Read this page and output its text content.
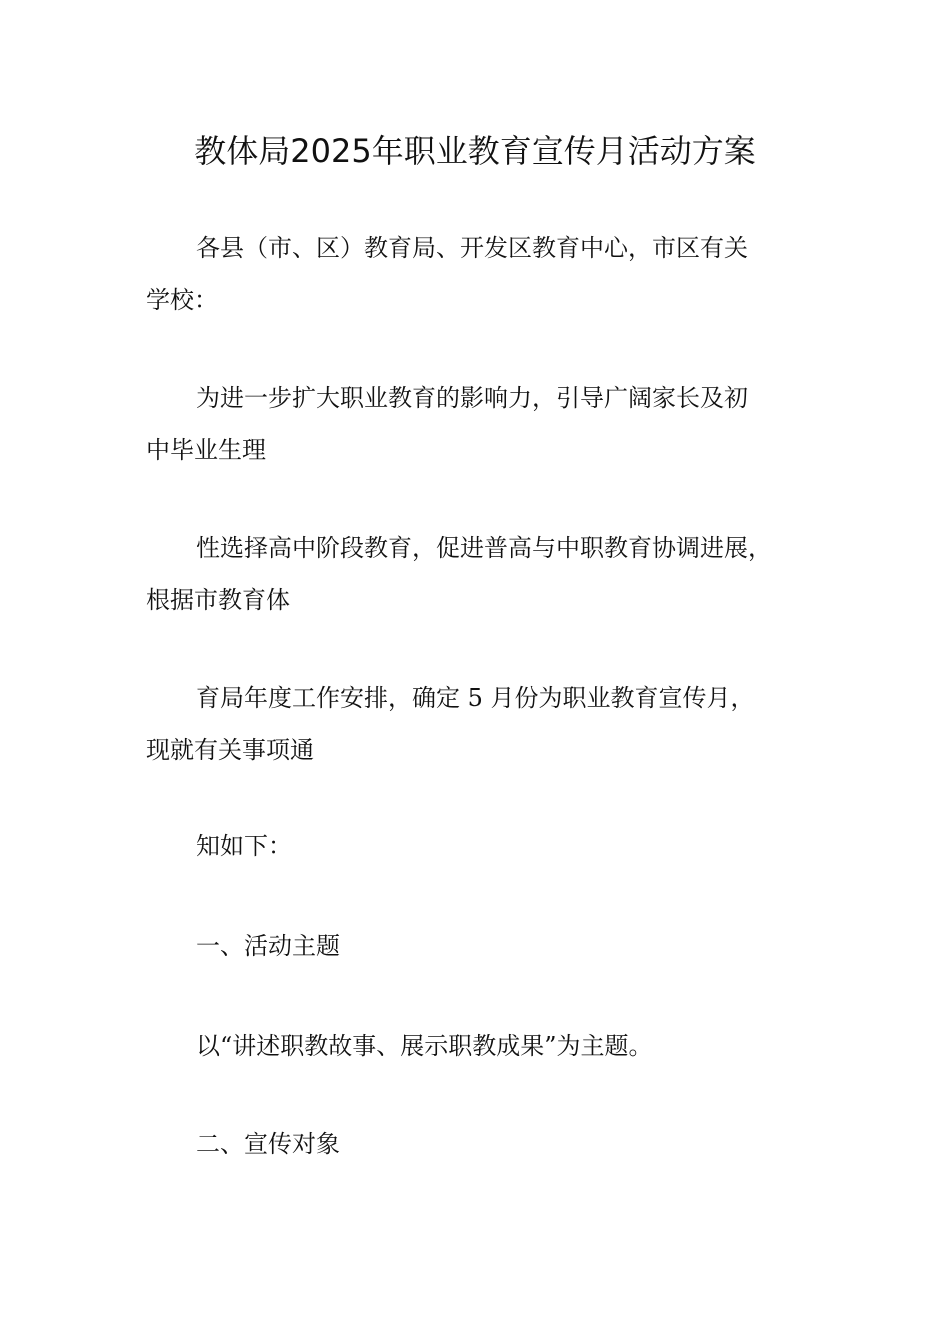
教体局2025年职业教育宣传月活动方案

各县（市、区）教育局、开发区教育中心，市区有关
学校：

为进一步扩大职业教育的影响力，引导广阔家长及初
中毕业生理

性选择高中阶段教育，促进普高与中职教育协调进展，
根据市教育体

育局年度工作安排，确定 5 月份为职业教育宣传月，
现就有关事项通

知如下：

一、活动主题

以“讲述职教故事、展示职教成果”为主题。

二、宣传对象
